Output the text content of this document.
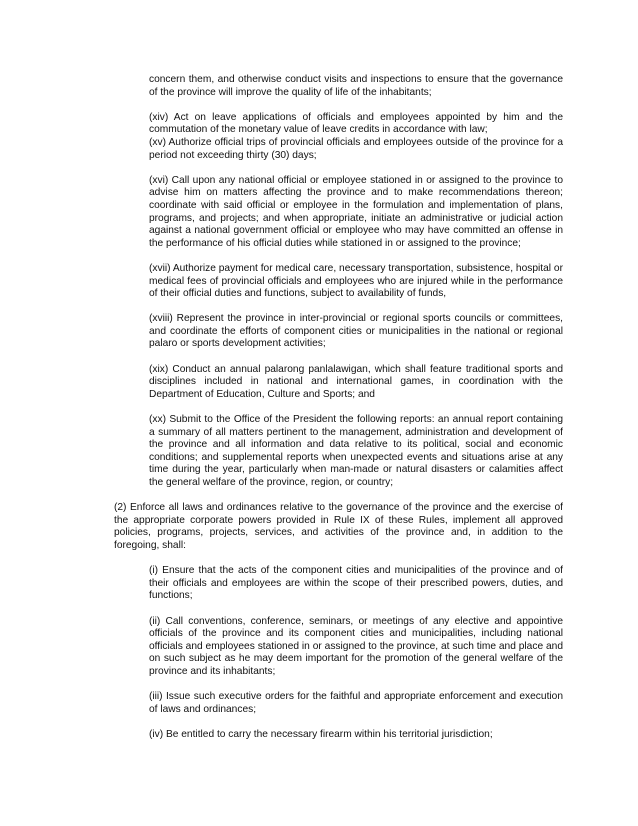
concern them, and otherwise conduct visits and inspections to ensure that the governance of the province will improve the quality of life of the inhabitants;

(xiv) Act on leave applications of officials and employees appointed by him and the commutation of the monetary value of leave credits in accordance with law;

(xv) Authorize official trips of provincial officials and employees outside of the province for a period not exceeding thirty (30) days;

(xvi) Call upon any national official or employee stationed in or assigned to the province to advise him on matters affecting the province and to make recommendations thereon; coordinate with said official or employee in the formulation and implementation of plans, programs, and projects; and when appropriate, initiate an administrative or judicial action against a national government official or employee who may have committed an offense in the performance of his official duties while stationed in or assigned to the province;

(xvii) Authorize payment for medical care, necessary transportation, subsistence, hospital or medical fees of provincial officials and employees who are injured while in the performance of their official duties and functions, subject to availability of funds,

(xviii) Represent the province in inter-provincial or regional sports councils or committees, and coordinate the efforts of component cities or municipalities in the national or regional palaro or sports development activities;

(xix) Conduct an annual palarong panlalawigan, which shall feature traditional sports and disciplines included in national and international games, in coordination with the Department of Education, Culture and Sports; and

(xx) Submit to the Office of the President the following reports: an annual report containing a summary of all matters pertinent to the management, administration and development of the province and all information and data relative to its political, social and economic conditions; and supplemental reports when unexpected events and situations arise at any time during the year, particularly when man-made or natural disasters or calamities affect the general welfare of the province, region, or country;

(2) Enforce all laws and ordinances relative to the governance of the province and the exercise of the appropriate corporate powers provided in Rule IX of these Rules, implement all approved policies, programs, projects, services, and activities of the province and, in addition to the foregoing, shall:

(i) Ensure that the acts of the component cities and municipalities of the province and of their officials and employees are within the scope of their prescribed powers, duties, and functions;

(ii) Call conventions, conference, seminars, or meetings of any elective and appointive officials of the province and its component cities and municipalities, including national officials and employees stationed in or assigned to the province, at such time and place and on such subject as he may deem important for the promotion of the general welfare of the province and its inhabitants;

(iii) Issue such executive orders for the faithful and appropriate enforcement and execution of laws and ordinances;

(iv) Be entitled to carry the necessary firearm within his territorial jurisdiction;
